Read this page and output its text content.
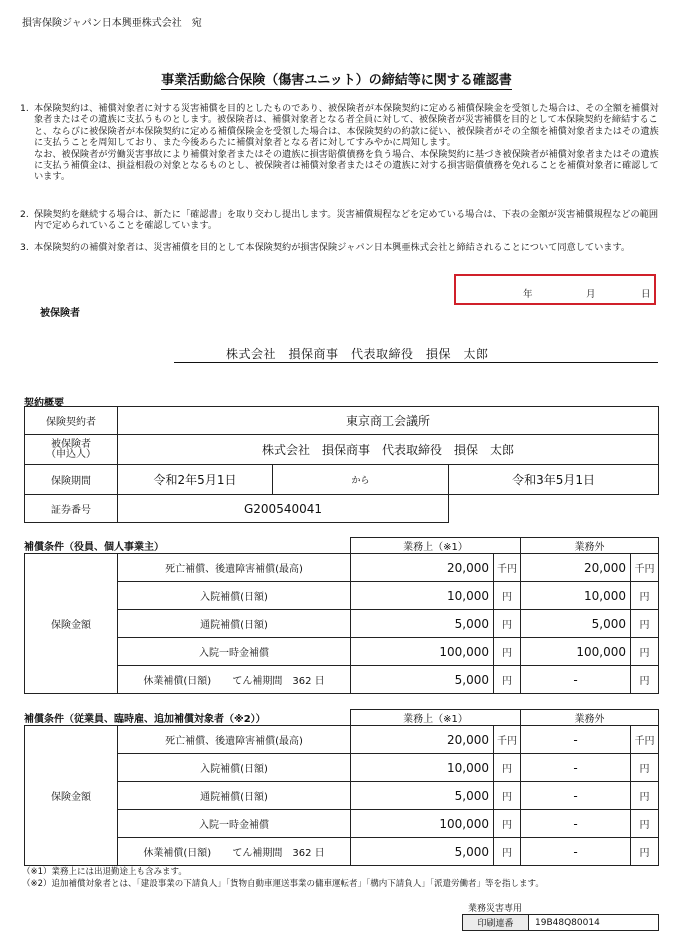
損害保険ジャパン日本興亜株式会社　宛
事業活動総合保険（傷害ユニット）の締結等に関する確認書
1. 本保険契約は、補償対象者に対する災害補償を目的としたものであり、被保険者が本保険契約に定める補償保険金を受領した場合は、その全額を補償対象者またはその遺族に支払うものとします。被保険者は、補償対象者となる者全員に対して、被保険者が災害補償を目的として本保険契約を締結すること、ならびに被保険者が本保険契約に定める補償保険金を受領した場合は、本保険契約の約款に従い、被保険者がその全額を補償対象者またはその遺族に支払うことを周知しており、また今後あらたに補償対象者となる者に対してすみやかに周知します。
なお、被保険者が労働災害事故により補償対象者またはその遺族に損害賠償債務を負う場合、本保険契約に基づき被保険者が補償対象者またはその遺族に支払う補償金は、損益相殺の対象となるものとし、被保険者は補償対象者またはその遺族に対する損害賠償債務を免れることを補償対象者に確認しています。
2. 保険契約を継続する場合は、新たに「確認書」を取り交わし提出します。災害補償規程などを定めている場合は、下表の金額が災害補償規程などの範囲内で定められていることを確認しています。
3. 本保険契約の補償対象者は、災害補償を目的として本保険契約が損害保険ジャパン日本興亜株式会社と締結されることについて同意しています。
年	月	日
被保険者
株式会社　損保商事　代表取締役　損保　太郎
契約概要
保険契約者	東京商工会議所		

被保険者
（申込人）	株式会社　損保商事　代表取締役　損保　太郎		
保険期間	令和2年5月1日	から	令和3年5月1日
証券番号	G200540041		
補償条件（役員、個人事業主）
		業務上（※1）		業務外	
保険金額	死亡補償、後遺障害補償(最高)	20,000	千円	20,000	千円
	入院補償(日額)	10,000	円	10,000	円
	通院補償(日額)	5,000	円	5,000	円
	入院一時金補償	100,000	円	100,000	円
	休業補償(日額) てん補期間　362 日	5,000	円	-	円
補償条件（従業員、臨時雇、追加補償対象者（※2））
		業務上（※1）		業務外	
保険金額	死亡補償、後遺障害補償(最高)	20,000	千円	-	千円
	入院補償(日額)	10,000	円	-	円
	通院補償(日額)	5,000	円	-	円
	入院一時金補償	100,000	円	-	円
	休業補償(日額) てん補期間　362 日	5,000	円	-	円
（※1）業務上には出退勤途上も含みます。
（※2）追加補償対象者とは、「建設事業の下請負人」「貨物自動車運送事業の傭車運転者」「構内下請負人」「派遣労働者」等を指します。
業務災害専用
印刷連番	19B48Q80014
